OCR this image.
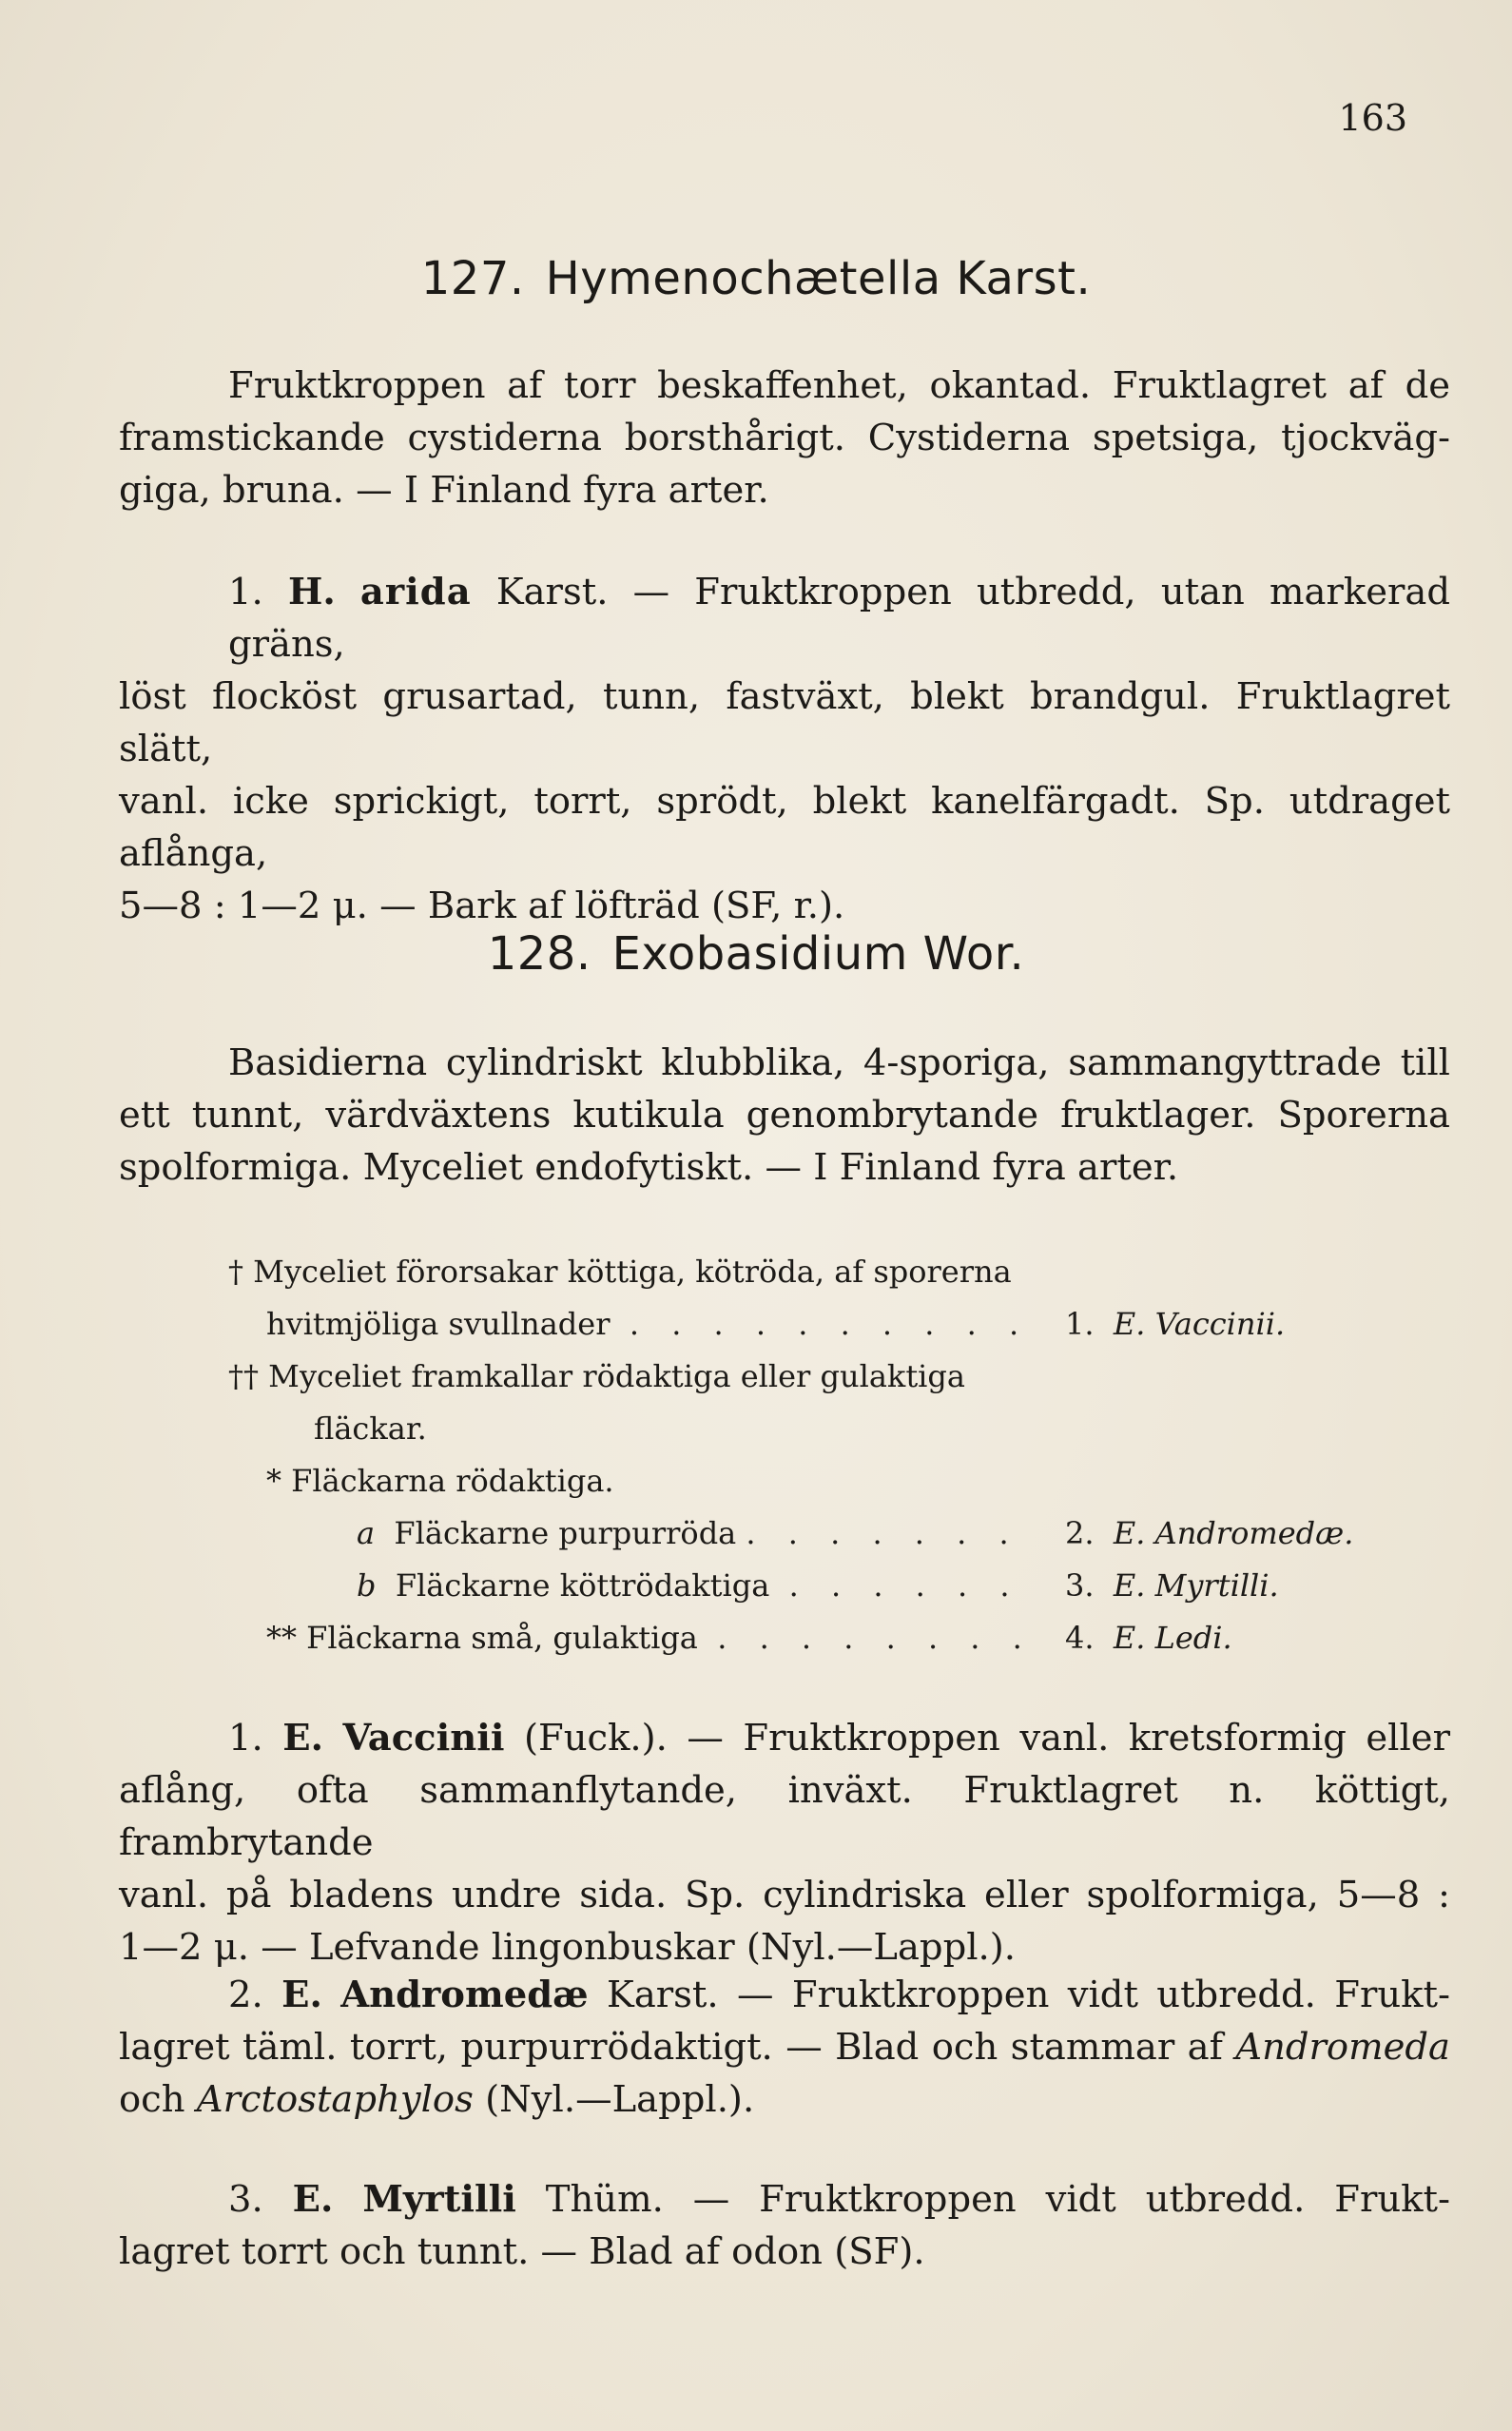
163
127. Hymenochætella Karst.
Fruktkroppen af torr beskaffenhet, okantad. Fruktlagret af de
framstickande cystiderna borsthårigt. Cystiderna spetsiga, tjockväg-
giga, bruna. — I Finland fyra arter.
1. H. arida Karst. — Fruktkroppen utbredd, utan markerad gräns,
löst flocköst grusartad, tunn, fastväxt, blekt brandgul. Fruktlagret slätt,
vanl. icke sprickigt, torrt, sprödt, blekt kanelfärgadt. Sp. utdraget aflånga,
5—8 : 1—2 μ. — Bark af löfträd (SF, r.).
128. Exobasidium Wor.
Basidierna cylindriskt klubblika, 4-sporiga, sammangyttrade till
ett tunnt, värdväxtens kutikula genombrytande fruktlager. Sporerna
spolformiga. Myceliet endofytiskt. — I Finland fyra arter.
† Myceliet förorsakar köttiga, kötröda, af sporerna
hvitmjöliga svullnader . . . . . . . . . . 1. E. Vaccinii.
†† Myceliet framkallar rödaktiga eller gulaktiga
fläckar.
* Fläckarna rödaktiga.
a Fläckarne purpurröda . . . . . . . 2. E. Andromedæ.
b Fläckarne köttrödaktiga . . . . . . 3. E. Myrtilli.
** Fläckarna små, gulaktiga . . . . . . . . 4. E. Ledi.
1. E. Vaccinii (Fuck.). — Fruktkroppen vanl. kretsformig eller
aflång, ofta sammanflytande, inväxt. Fruktlagret n. köttigt, frambrytande
vanl. på bladens undre sida. Sp. cylindriska eller spolformiga, 5—8 :
1—2 μ. — Lefvande lingonbuskar (Nyl.—Lappl.).
2. E. Andromedæ Karst. — Fruktkroppen vidt utbredd. Frukt-
lagret täml. torrt, purpurrödaktigt. — Blad och stammar af Andromeda
och Arctostaphylos (Nyl.—Lappl.).
3. E. Myrtilli Thüm. — Fruktkroppen vidt utbredd. Frukt-
lagret torrt och tunnt. — Blad af odon (SF).
